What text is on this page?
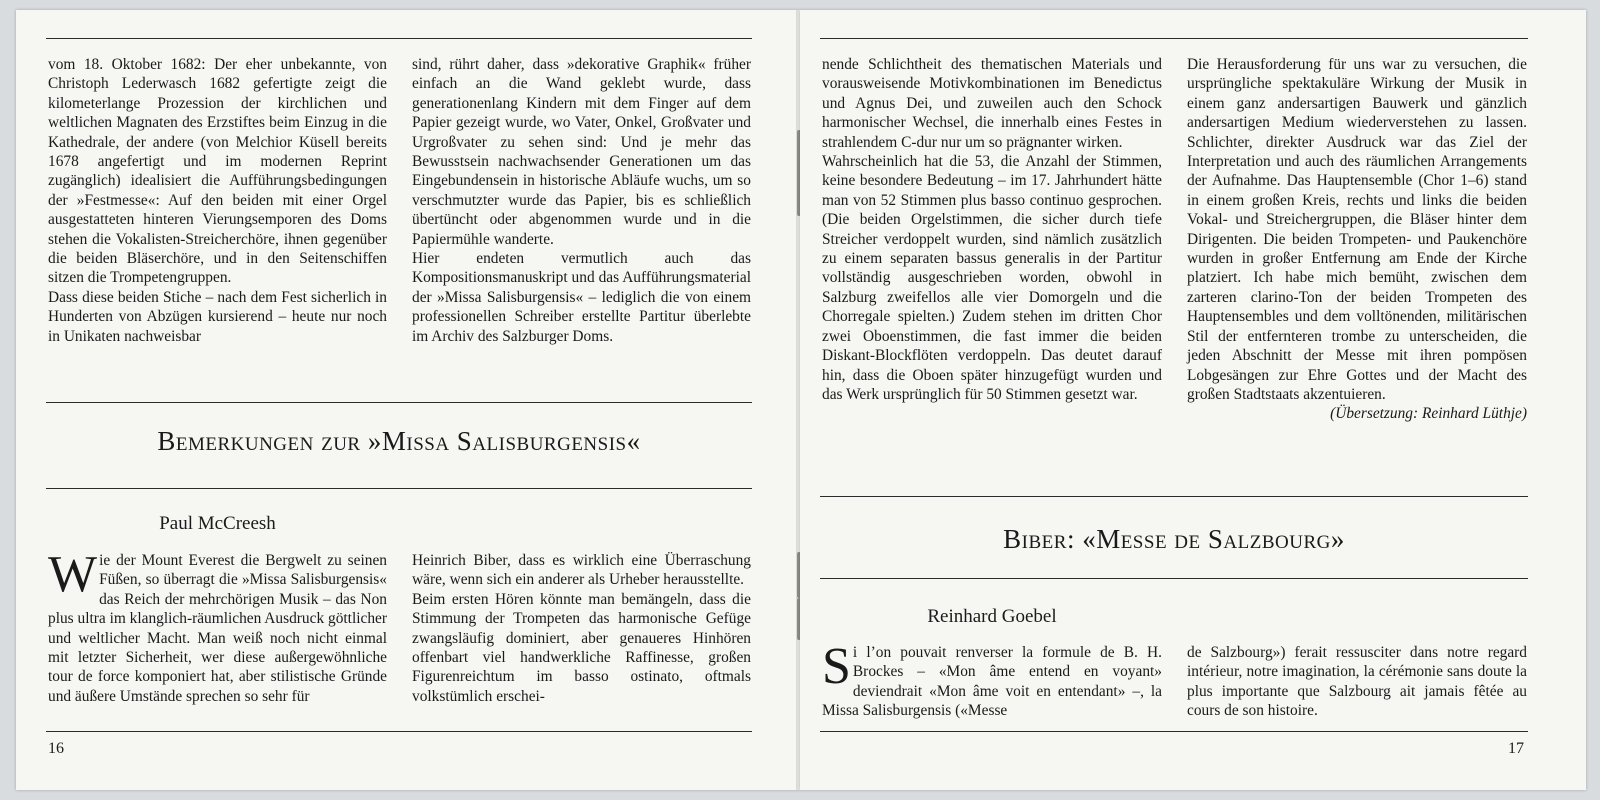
vom 18. Oktober 1682: Der eher unbekannte, von Christoph Lederwasch 1682 gefertigte zeigt die kilometerlange Prozession der kirchlichen und weltlichen Magnaten des Erzstiftes beim Einzug in die Kathedrale, der andere (von Melchior Küsell bereits 1678 angefertigt und im modernen Reprint zugänglich) idealisiert die Aufführungsbedingungen der »Festmesse«: Auf den beiden mit einer Orgel ausgestatteten hinteren Vierungsemporen des Doms stehen die Vokalisten-Streicherchöre, ihnen gegenüber die beiden Bläserchöre, und in den Seitenschiffen sitzen die Trompetengruppen.
Dass diese beiden Stiche – nach dem Fest sicherlich in Hunderten von Abzügen kursierend – heute nur noch in Unikaten nachweisbar

sind, rührt daher, dass »dekorative Graphik« früher einfach an die Wand geklebt wurde, dass generationenlang Kindern mit dem Finger auf dem Papier gezeigt wurde, wo Vater, Onkel, Großvater und Urgroßvater zu sehen sind: Und je mehr das Bewusstsein nachwachsender Generationen um das Eingebundensein in historische Abläufe wuchs, um so verschmutzter wurde das Papier, bis es schließlich übertüncht oder abgenommen wurde und in die Papiermühle wanderte.
Hier endeten vermutlich auch das Kompositionsmanuskript und das Aufführungsmaterial der »Missa Salisburgensis« – lediglich die von einem professionellen Schreiber erstellte Partitur überlebte im Archiv des Salzburger Doms.

Bemerkungen zur »Missa Salisburgensis«
Paul McCreesh
W ie der Mount Everest die Bergwelt zu seinen Füßen, so überragt die »Missa Salisburgensis« das Reich der mehrchörigen Musik – das Non plus ultra im klanglich-räumlichen Ausdruck göttlicher und weltlicher Macht. Man weiß noch nicht einmal mit letzter Sicherheit, wer diese außergewöhnliche tour de force komponiert hat, aber stilistische Gründe und äußere Umstände sprechen so sehr für

Heinrich Biber, dass es wirklich eine Überraschung wäre, wenn sich ein anderer als Urheber herausstellte.
Beim ersten Hören könnte man bemängeln, dass die Stimmung der Trompeten das harmonische Gefüge zwangsläufig dominiert, aber genaueres Hinhören offenbart viel handwerkliche Raffinesse, großen Figurenreichtum im basso ostinato, oftmals volkstümlich erschei-

16

nende Schlichtheit des thematischen Materials und vorausweisende Motivkombinationen im Benedictus und Agnus Dei, und zuweilen auch den Schock harmonischer Wechsel, die innerhalb eines Festes in strahlendem C-dur nur um so prägnanter wirken.
Wahrscheinlich hat die 53, die Anzahl der Stimmen, keine besondere Bedeutung – im 17. Jahrhundert hätte man von 52 Stimmen plus basso continuo gesprochen. (Die beiden Orgelstimmen, die sicher durch tiefe Streicher verdoppelt wurden, sind nämlich zusätzlich zu einem separaten bassus generalis in der Partitur vollständig ausgeschrieben worden, obwohl in Salzburg zweifellos alle vier Domorgeln und die Chorregale spielten.) Zudem stehen im dritten Chor zwei Oboenstimmen, die fast immer die beiden Diskant-Blockflöten verdoppeln. Das deutet darauf hin, dass die Oboen später hinzugefügt wurden und das Werk ursprünglich für 50 Stimmen gesetzt war.

Die Herausforderung für uns war zu versuchen, die ursprüngliche spektakuläre Wirkung der Musik in einem ganz andersartigen Bauwerk und gänzlich andersartigen Medium wiederverstehen zu lassen. Schlichter, direkter Ausdruck war das Ziel der Interpretation und auch des räumlichen Arrangements der Aufnahme. Das Hauptensemble (Chor 1–6) stand in einem großen Kreis, rechts und links die beiden Vokal- und Streichergruppen, die Bläser hinter dem Dirigenten. Die beiden Trompeten- und Paukenchöre wurden in großer Entfernung am Ende der Kirche platziert. Ich habe mich bemüht, zwischen dem zarteren clarino-Ton der beiden Trompeten des Hauptensembles und dem volltönenden, militärischen Stil der entfernteren trombe zu unterscheiden, die jeden Abschnitt der Messe mit ihren pompösen Lobgesängen zur Ehre Gottes und der Macht des großen Stadtstaats akzentuieren.

(Übersetzung: Reinhard Lüthje)

Biber: «Messe de Salzbourg»
Reinhard Goebel
S i l’on pouvait renverser la formule de B. H. Brockes – «Mon âme entend en voyant» deviendrait «Mon âme voit en entendant» –, la Missa Salisburgensis («Messe

de Salzbourg») ferait ressusciter dans notre regard intérieur, notre imagination, la cérémonie sans doute la plus importante que Salzbourg ait jamais fêtée au cours de son histoire.

17
